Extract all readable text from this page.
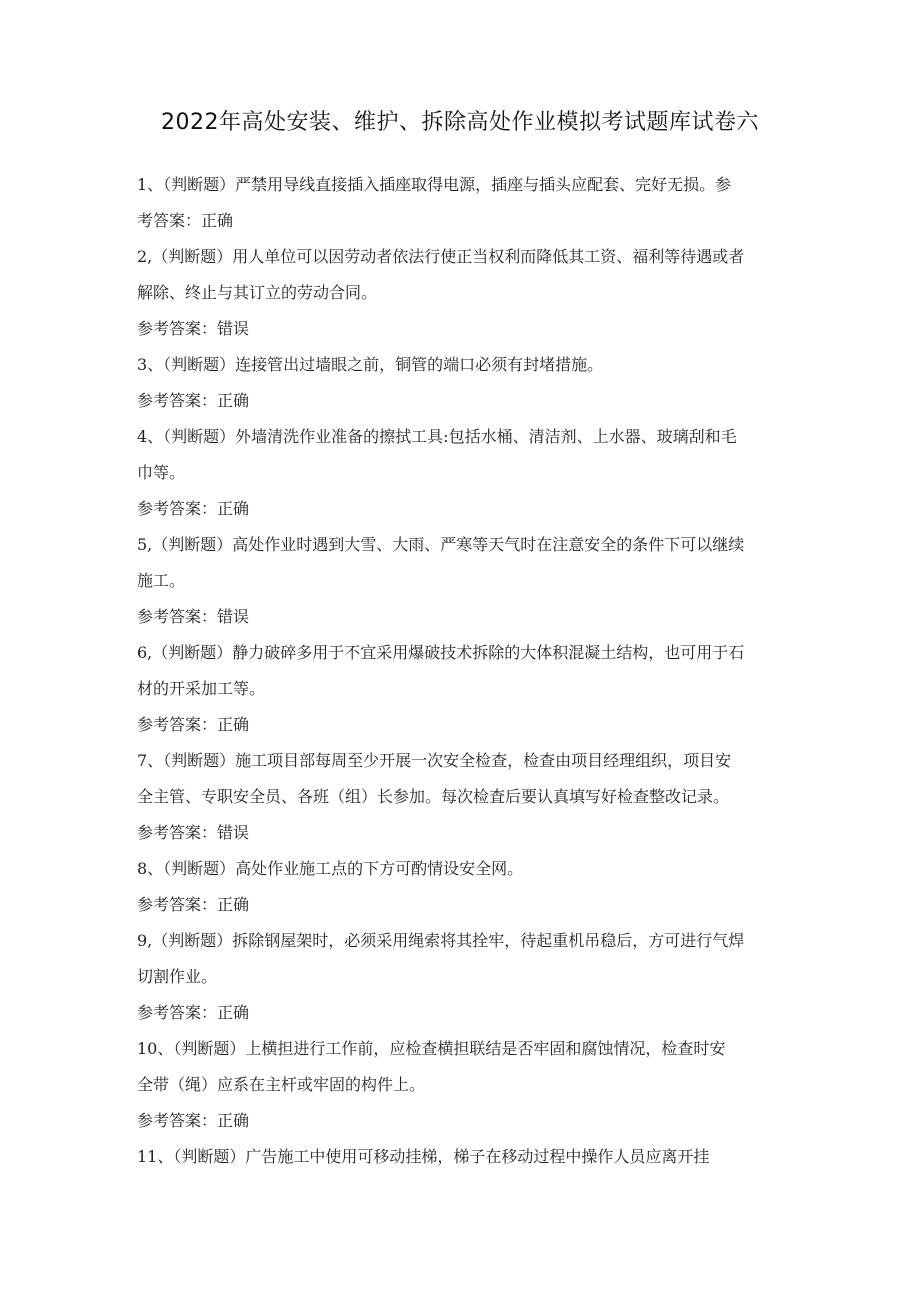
2022年高处安装、维护、拆除高处作业模拟考试题库试卷六

1、（判断题）严禁用导线直接插入插座取得电源，插座与插头应配套、完好无损。参

考答案：正确

2,（判断题）用人单位可以因劳动者依法行使正当权利而降低其工资、福利等待遇或者

解除、终止与其订立的劳动合同。

参考答案：错误

3、（判断题）连接管出过墙眼之前，铜管的端口必须有封堵措施。

参考答案：正确

4、（判断题）外墙清洗作业准备的擦拭工具:包括水桶、清洁剂、上水器、玻璃刮和毛

巾等。

参考答案：正确

5,（判断题）高处作业时遇到大雪、大雨、严寒等天气时在注意安全的条件下可以继续

施工。

参考答案：错误

6,（判断题）静力破碎多用于不宜采用爆破技术拆除的大体积混凝土结构，也可用于石

材的开采加工等。

参考答案：正确

7、（判断题）施工项目部每周至少开展一次安全检查，检查由项目经理组织，项目安

全主管、专职安全员、各班（组）长参加。每次检査后要认真填写好检查整改记录。

参考答案：错误

8、（判断题）高处作业施工点的下方可酌情设安全网。

参考答案：正确

9,（判断题）拆除钢屋架时，必须采用绳索将其拴牢，待起重机吊稳后，方可进行气焊

切割作业。

参考答案：正确

10、（判断题）上横担进行工作前，应检查横担联结是否牢固和腐蚀情况，检查时安

全带（绳）应系在主杆或牢固的构件上。

参考答案：正确

11、（判断题）广告施工中使用可移动挂梯，梯子在移动过程中操作人员应离开挂
